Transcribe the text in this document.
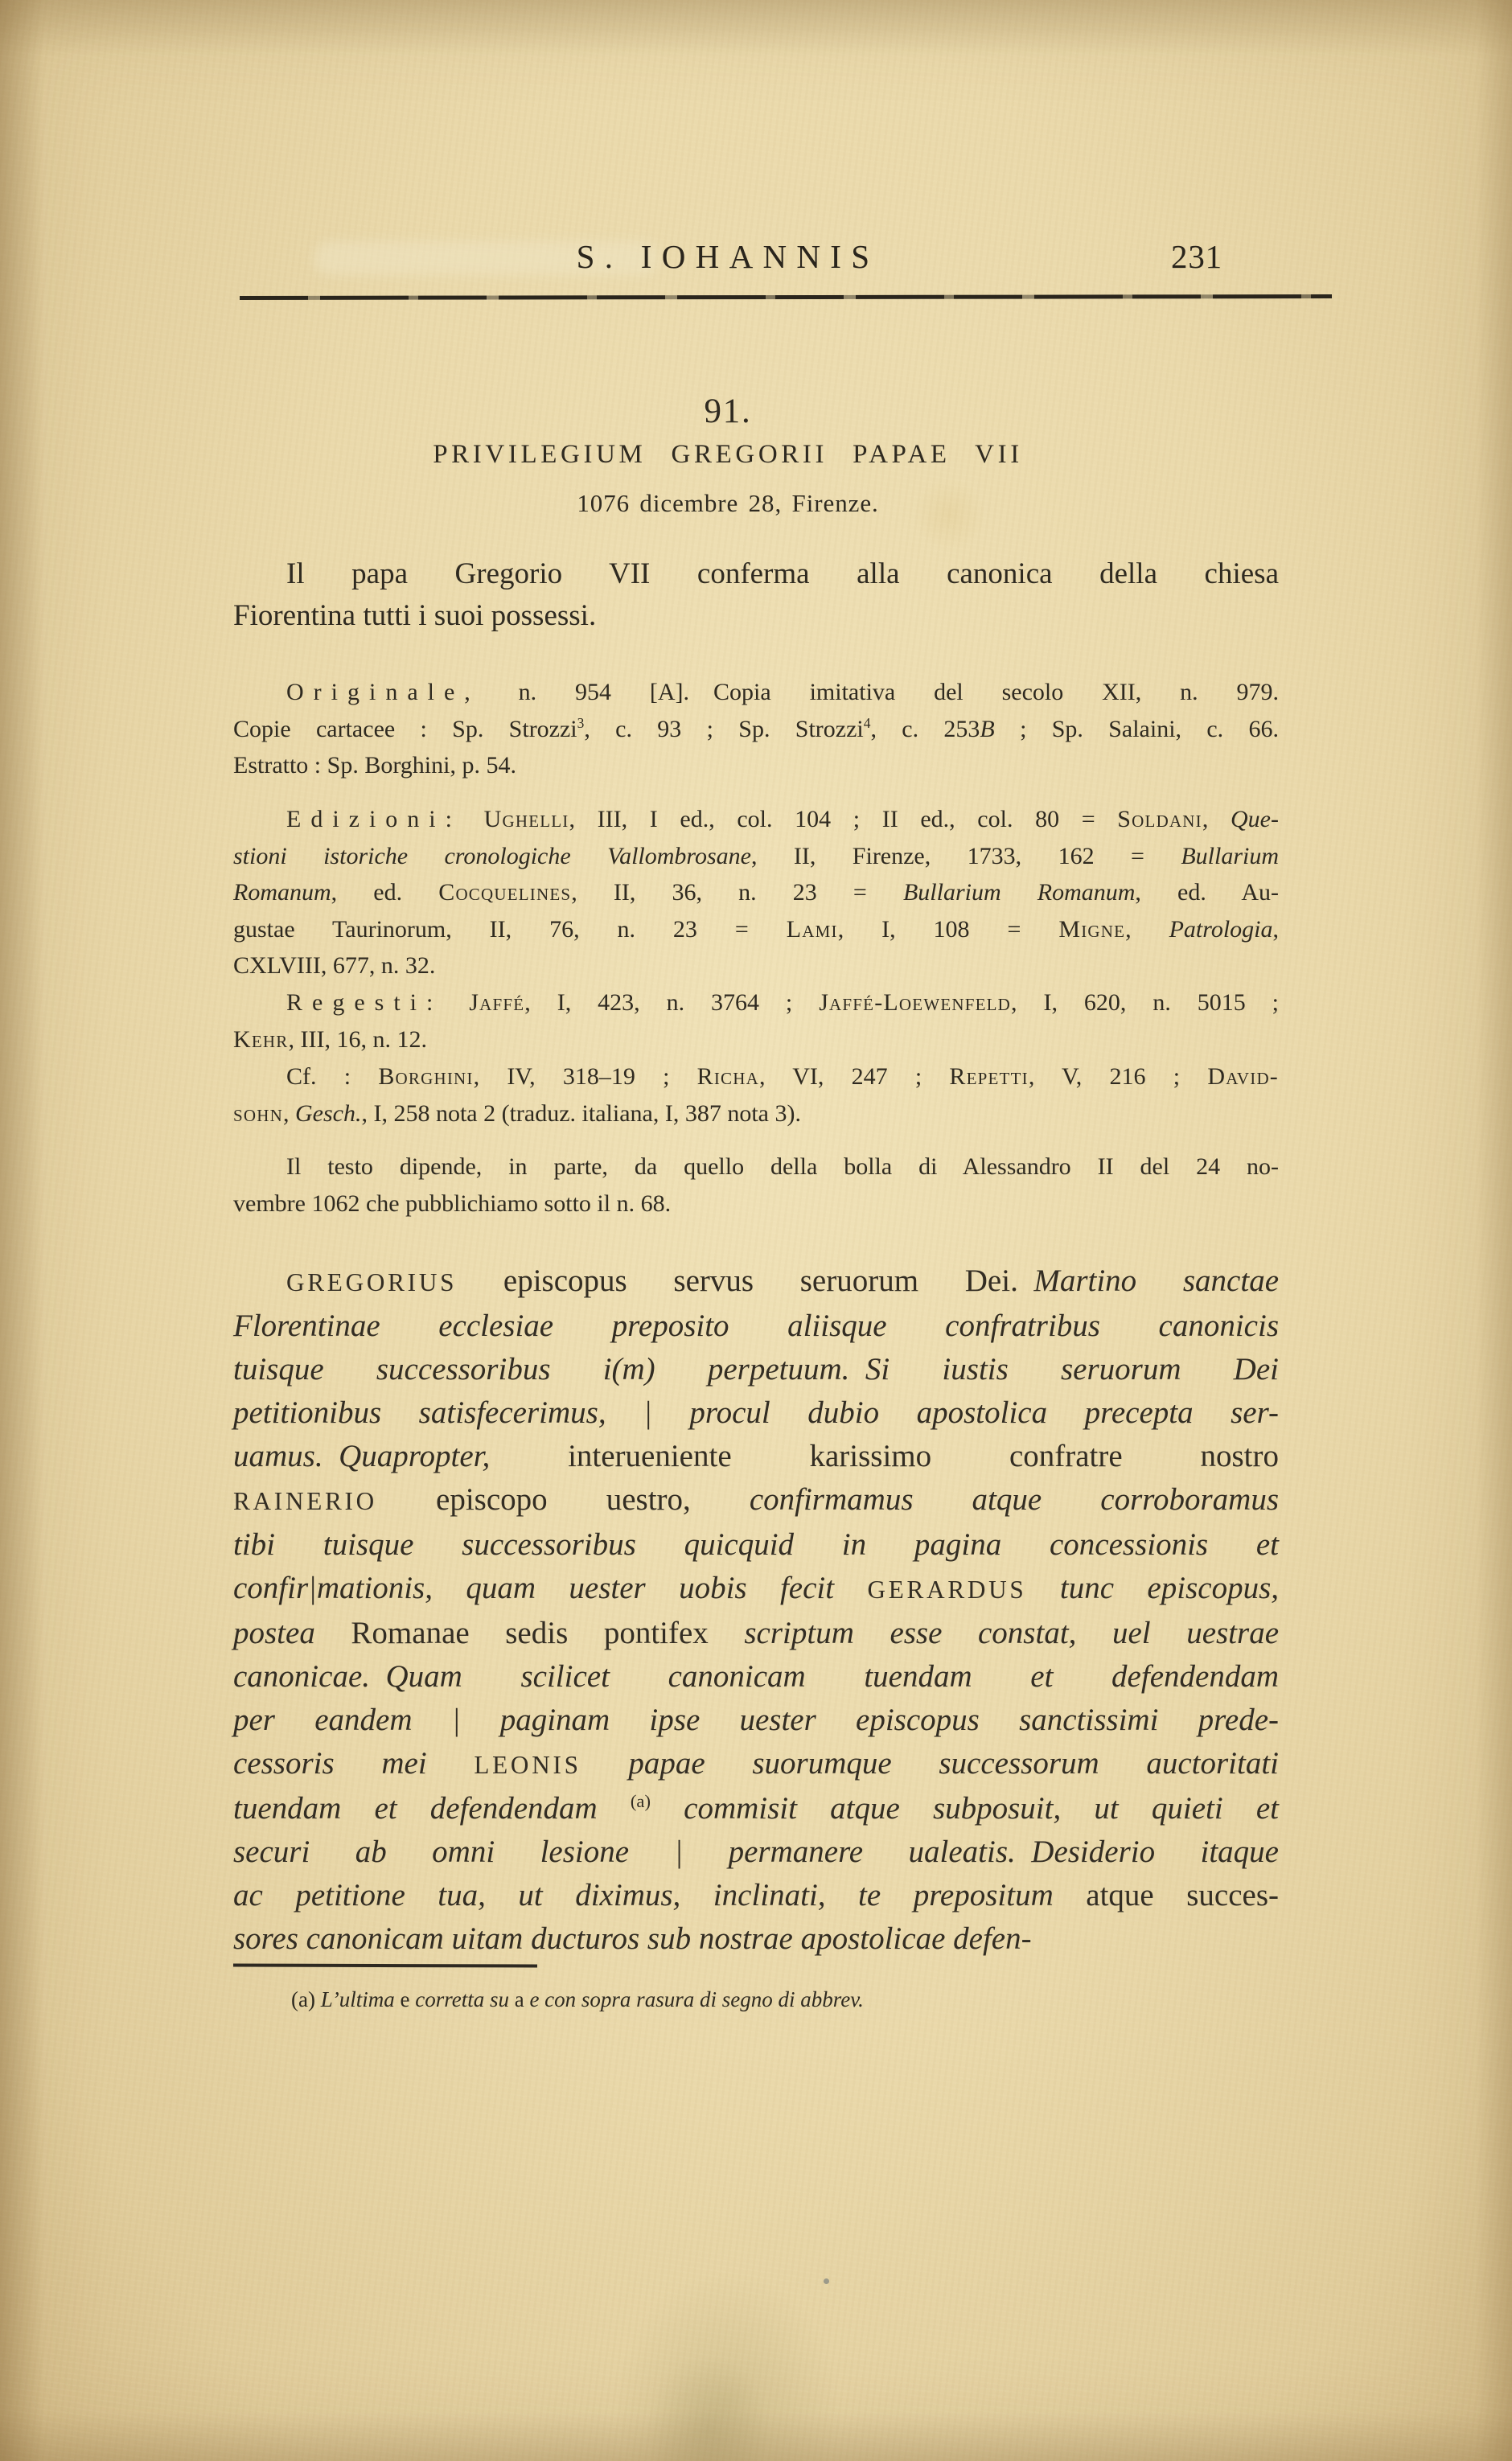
S. IOHANNIS	231
91.
PRIVILEGIUM GREGORII PAPAE VII
1076 dicembre 28, Firenze.
Il papa Gregorio VII conferma alla canonica della chiesa
Fiorentina tutti i suoi possessi.
Originale, n. 954 [A]. Copia imitativa del secolo XII, n. 979.
Copie cartacee : Sp. Strozzi$^3$, c. 93 ; Sp. Strozzi$^4$, c. 253B ; Sp. Salaini, c. 66.
Estratto : Sp. Borghini, p. 54.
Edizioni: Ughelli, III, I ed., col. 104 ; II ed., col. 80 = Soldani, Que-
stioni istoriche cronologiche Vallombrosane, II, Firenze, 1733, 162 = Bullarium
Romanum, ed. Cocquelines, II, 36, n. 23 = Bullarium Romanum, ed. Au-
gustae Taurinorum, II, 76, n. 23 = Lami, I, 108 = Migne, Patrologia,
CXLVIII, 677, n. 32.
Regesti: Jaffé, I, 423, n. 3764 ; Jaffé-Loewenfeld, I, 620, n. 5015 ;
Kehr, III, 16, n. 12.
Cf. : Borghini, IV, 318–19 ; Richa, VI, 247 ; Repetti, V, 216 ; David-
sohn, Gesch., I, 258 nota 2 (traduz. italiana, I, 387 nota 3).
Il testo dipende, in parte, da quello della bolla di Alessandro II del 24 no-
vembre 1062 che pubblichiamo sotto il n. 68.
GREGORIUS episcopus servus seruorum Dei. Martino sanctae
Florentinae ecclesiae preposito aliisque confratribus canonicis
tuisque successoribus i(m) perpetuum. Si iustis seruorum Dei
petitionibus satisfecerimus, | procul dubio apostolica precepta ser-
uamus. Quapropter, interueniente karissimo confratre nostro
RAINERIO episcopo uestro, confirmamus atque corroboramus
tibi tuisque successoribus quicquid in pagina concessionis et
confir|mationis, quam uester uobis fecit GERARDUS tunc episcopus,
postea Romanae sedis pontifex scriptum esse constat, uel uestrae
canonicae. Quam scilicet canonicam tuendam et defendendam
per eandem | paginam ipse uester episcopus sanctissimi prede-
cessoris mei LEONIS papae suorumque successorum auctoritati
tuendam et defendendam $^{(a)}$ commisit atque subposuit, ut quieti et
securi ab omni lesione | permanere ualeatis. Desiderio itaque
ac petitione tua, ut diximus, inclinati, te prepositum atque succes-
sores canonicam uitam ducturos sub nostrae apostolicae defen-
(a) L’ultima e corretta su a e con sopra rasura di segno di abbrev.
